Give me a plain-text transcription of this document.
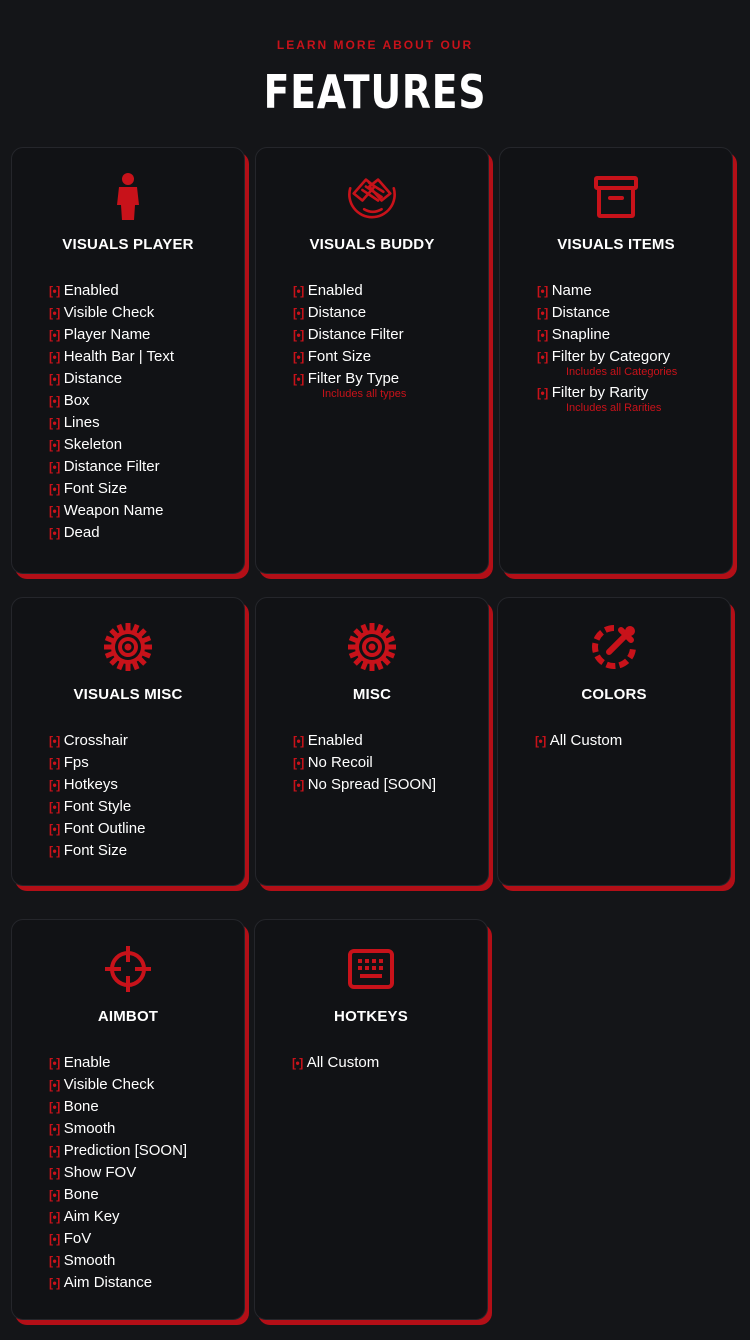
LEARN MORE ABOUT OUR
FEATURES
VISUALS PLAYER
[•] Enabled
[•] Visible Check
[•] Player Name
[•] Health Bar | Text
[•] Distance
[•] Box
[•] Lines
[•] Skeleton
[•] Distance Filter
[•] Font Size
[•] Weapon Name
[•] Dead
VISUALS BUDDY
[•] Enabled
[•] Distance
[•] Distance Filter
[•] Font Size
[•] Filter By Type
Includes all types
VISUALS ITEMS
[•] Name
[•] Distance
[•] Snapline
[•] Filter by Category
Includes all Categories
[•] Filter by Rarity
Includes all Rarities
VISUALS MISC
[•] Crosshair
[•] Fps
[•] Hotkeys
[•] Font Style
[•] Font Outline
[•] Font Size
MISC
[•] Enabled
[•] No Recoil
[•] No Spread [SOON]
COLORS
[•] All Custom
AIMBOT
[•] Enable
[•] Visible Check
[•] Bone
[•] Smooth
[•] Prediction [SOON]
[•] Show FOV
[•] Bone
[•] Aim Key
[•] FoV
[•] Smooth
[•] Aim Distance
HOTKEYS
[•] All Custom
